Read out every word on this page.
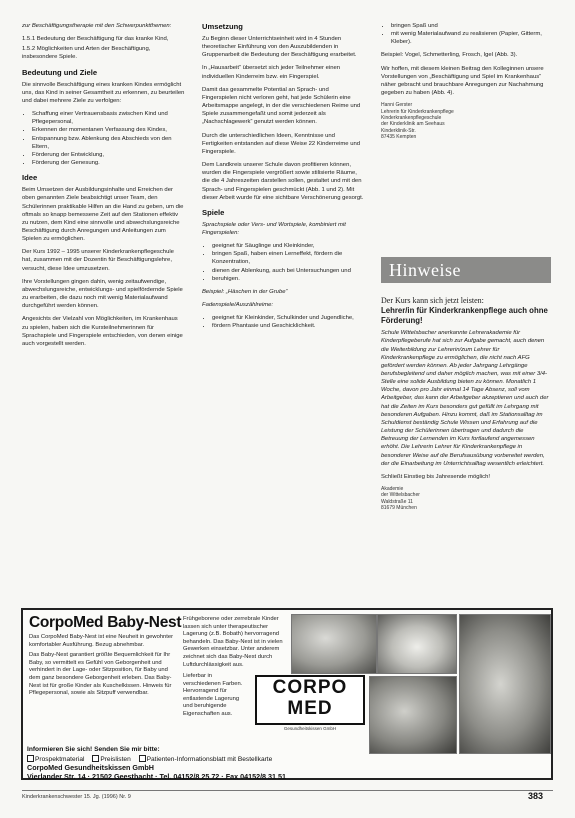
zur Beschäftigungstherapie mit den Schwerpunktthemen:

1.5.1 Bedeutung der Beschäftigung für das kranke Kind,
1.5.2 Möglichkeiten und Arten der Beschäftigung, insbesondere Spiele.
Bedeutung und Ziele

Die sinnvolle Beschäftigung eines kranken Kindes ermöglicht uns, das Kind in seiner Gesamtheit zu erkennen, zu beurteilen und dabei mehrere Ziele zu verfolgen:

• Schaffung einer Vertrauensbasis zwischen Kind und Pflegepersonal,
• Erkennen der momentanen Verfassung des Kindes,
• Entspannung bzw. Ablenkung des Abschieds von den Eltern,
• Förderung der Entwicklung,
• Förderung der Genesung.
Idee

Beim Umsetzen der Ausbildungsinhalte und Erreichen der oben genannten Ziele beabsichtigt unser Team, den Schülerinnen praktikable Hilfen an die Hand zu geben, um die oftmals so knapp bemessene Zeit auf den Stationen effektiv zu nutzen, dem Kind eine sinnvolle und abwechslungsreiche Beschäftigung durch Anregungen und Anleitungen zum Spielen zu ermöglichen.

Der Kurs 1992 – 1995 unserer Kinderkrankenpflegeschule hat, zusammen mit der Dozentin für Beschäftigungslehre, versucht, diese Idee umzusetzen.

Ihre Vorstellungen gingen dahin, wenig zeitaufwendige, abwechslungsreiche, entwicklungs- und spielfördernde Spiele zu erarbeiten, die dazu noch mit wenig Materialaufwand durchgeführt werden können.

Angesichts der Vielzahl von Möglichkeiten, im Krankenhaus zu spielen, haben sich die Kursteilnehmerinnen für Sprachspiele und Fingerspiele entschieden, von denen einige auch vorgestellt werden.

Umsetzung

Zu Beginn dieser Unterrichtseinheit wird in 4 Stunden theoretischer Einführung von den Auszubildenden in Gruppenarbeit die Bedeutung der Beschäftigung erarbeitet.

In „Hausarbeit“ übersetzt sich jeder Teilnehmer einen individuellen Kinderreim bzw. ein Fingerspiel.

Damit das gesammelte Potential an Sprach- und Fingerspielen nicht verloren geht, hat jede Schülerin eine Arbeitsmappe angelegt, in der die verschiedenen Reime und Spiele zusammengefaßt und somit jederzeit als „Nachschlagewerk“ genutzt werden können.

Durch die unterschiedlichen Ideen, Kenntnisse und Fertigkeiten entstanden auf diese Weise 22 Kinderreime und Fingerspiele.

Dem Landkreis unserer Schule davon profitieren können, wurden die Fingerspiele vergrößert sowie stilisierte Räume, die die 4 Jahreszeiten darstellen sollen, gestaltet und mit den Sprach- und Fingerspielen geschmückt (Abb. 1 und 2). Mit dieser Arbeit wurde für eine sichtbare Verschönerung gesorgt.

Spiele

Sprachspiele oder Vers- und Wortspiele, kombiniert mit Fingerspielen:

• geeignet für Säuglinge und Kleinkinder,
• bringen Spaß, haben einen Lerneffekt, fördern die Konzentration,
• dienen der Ablenkung, auch bei Untersuchungen und
• beruhigen.

Beispiel: „Häschen in der Grube“

Fadenspiele/Auszählreime:

• geeignet für Kleinkinder, Schulkinder und Jugendliche,
• fördern Phantasie und Geschicklichkeit.
• bringen Spaß und
• mit wenig Materialaufwand zu realisieren (Papier, Gitterm, Kleber).

Beispiel: Vogel, Schmetterling, Frosch, Igel (Abb. 3).

Wir hoffen, mit diesem kleinen Beitrag den Kolleginnen unsere Vorstellungen von „Beschäftigung und Spiel im Krankenhaus“ näher gebracht und brauchbare Anregungen zur Nachahmung gegeben zu haben (Abb. 4).

Hanni Gerster
Lehrerin für Kinderkrankenpflege
Kinderkrankenpflegeschule
der Kinderklinik am Seehaus
Kinderklinik-Str.
87435 Kempten
Hinweise

Der Kurs kann sich jetzt leisten:

Lehrer/in für Kinderkrankenpflege auch ohne Förderung!

Schule Wittelsbacher anerkannte Lehrerakademie für Kinderpflegeberufe hat sich zur Aufgabe gemacht, auch denen die Weiterbildung zur Lehrerin/zum Lehrer für Kinderkrankenpflege zu ermöglichen, die nicht nach AFG gefördert werden können. Ab jeder Jahrgang Lehrgänge berufsbegleitend und daher möglich machen, was mit einer 3/4-Stelle eine solide Ausbildung bieten zu können. Monatlich 1 Woche, davon pro Jahr einmal 14 Tage Absenz, soll vom Arbeitgeber, das kann der Arbeitgeber akzeptieren und auch der hat die Zeiten im Kurs besonders gut gefüllt im Lehrgang mit besonderen Aufgaben. Hinzu kommt, daß im Stationsalltag im Schuldienst beständig Schule Wissen und Erfahrung auf die Leistung der Schülerinnen übertragen und dadurch die Betreuung der Lernenden im Kurs fortlaufend angemessen erhöht. Die Lehrerin Lehrer für Kinderkrankenpflege in besonderer Weise auf die Berufsausübung vorbereitet werden, der die Einarbeitung im Unterrichtsalltag wesentlich erleichtert.

Schließt Einstieg bis Jahresende möglich!

Akademie
der Wittelsbacher
Waldstraße 11
81679 München
CorpoMed Baby-Nest

Das CorpoMed Baby-Nest ist eine Neuheit in gewohnter komfortabler Ausführung. Bezug abnehmbar.

Das Baby-Nest garantiert größte Bequemlichkeit für Ihr Baby, so vermittelt es Gefühl von Geborgenheit und verhindert in der Lage- oder Sitzposition, für Baby und dem ganz besondere Geborgenheit erleben. Das Baby-Nest ist für große Kinder als Kuschelkissen. Hinweis für Pflegepersonal, sowie als Sitzpuff verwendbar.

Frühgeborene oder zerrebrale Kinder lassen sich unter therapeutischer Lagerung (z.B. Bobath) hervorragend behandeln. Das Baby-Nest ist in vielen Gewerken einsetzbar. Unter anderem zeichnet sich das Baby-Nest durch Luftdurchlässigkeit aus.

Lieferbar in verschiedenen Farben. Hervorragend für entlastende Lagerung und beruhigende Eigenschaften aus.

CORPO
MED
Gesundheitskissen GmbH
Informieren Sie sich! Senden Sie mir bitte:
Prospektmaterial Preislisten Patienten-Informationsblatt mit Bestellkarte
CorpoMed Gesundheitskissen GmbH
Vierlander Str. 14 · 21502 Geesthacht · Tel. 04152/8 25 72 · Fax 04152/8 31 51
Kinderkrankenschwester 15. Jg. (1996) Nr. 9	383
